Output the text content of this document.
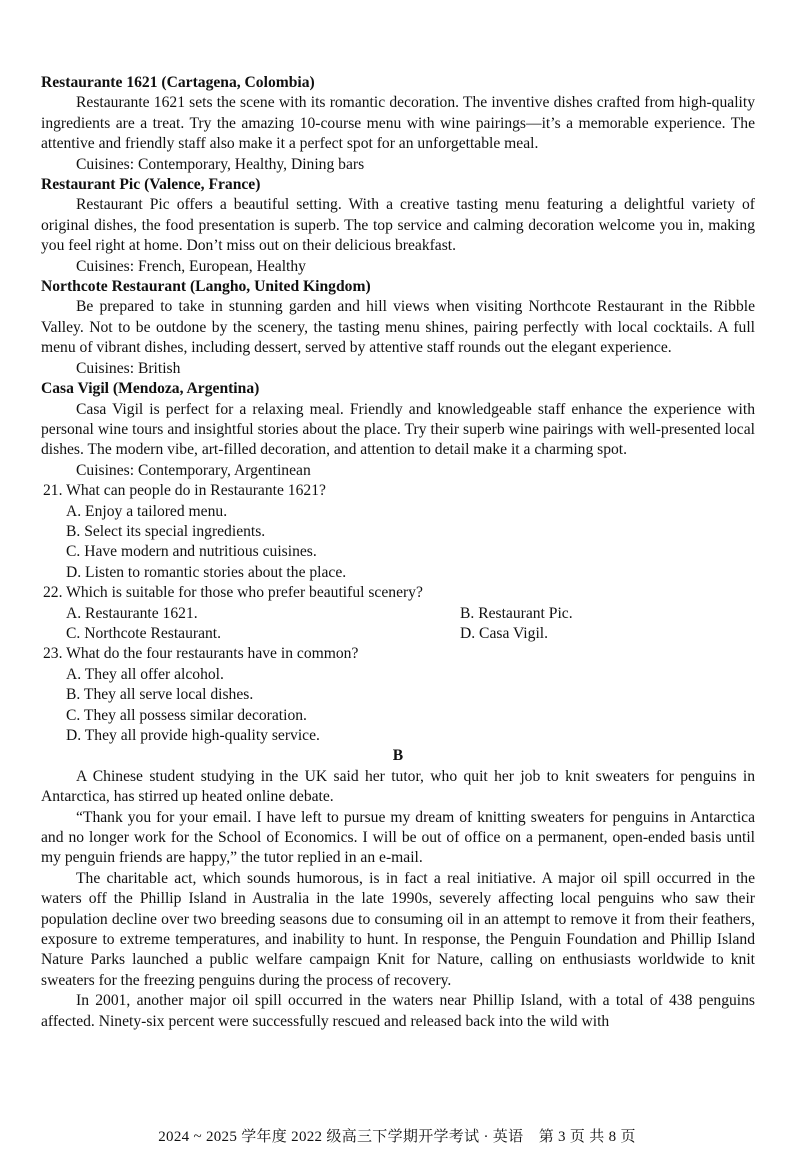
Restaurante 1621 (Cartagena, Colombia)
Restaurante 1621 sets the scene with its romantic decoration. The inventive dishes crafted from high-quality ingredients are a treat. Try the amazing 10-course menu with wine pairings—it’s a memorable experience. The attentive and friendly staff also make it a perfect spot for an unforgettable meal.
Cuisines: Contemporary, Healthy, Dining bars
Restaurant Pic (Valence, France)
Restaurant Pic offers a beautiful setting. With a creative tasting menu featuring a delightful variety of original dishes, the food presentation is superb. The top service and calming decoration welcome you in, making you feel right at home. Don’t miss out on their delicious breakfast.
Cuisines: French, European, Healthy
Northcote Restaurant (Langho, United Kingdom)
Be prepared to take in stunning garden and hill views when visiting Northcote Restaurant in the Ribble Valley. Not to be outdone by the scenery, the tasting menu shines, pairing perfectly with local cocktails. A full menu of vibrant dishes, including dessert, served by attentive staff rounds out the elegant experience.
Cuisines: British
Casa Vigil (Mendoza, Argentina)
Casa Vigil is perfect for a relaxing meal. Friendly and knowledgeable staff enhance the experience with personal wine tours and insightful stories about the place. Try their superb wine pairings with well-presented local dishes. The modern vibe, art-filled decoration, and attention to detail make it a charming spot.
Cuisines: Contemporary, Argentinean
21. What can people do in Restaurante 1621?
A. Enjoy a tailored menu.
B. Select its special ingredients.
C. Have modern and nutritious cuisines.
D. Listen to romantic stories about the place.
22. Which is suitable for those who prefer beautiful scenery?
A. Restaurante 1621.	B. Restaurant Pic.
C. Northcote Restaurant.	D. Casa Vigil.
23. What do the four restaurants have in common?
A. They all offer alcohol.
B. They all serve local dishes.
C. They all possess similar decoration.
D. They all provide high-quality service.
B
A Chinese student studying in the UK said her tutor, who quit her job to knit sweaters for penguins in Antarctica, has stirred up heated online debate.
“Thank you for your email. I have left to pursue my dream of knitting sweaters for penguins in Antarctica and no longer work for the School of Economics. I will be out of office on a permanent, open-ended basis until my penguin friends are happy,” the tutor replied in an e-mail.
The charitable act, which sounds humorous, is in fact a real initiative. A major oil spill occurred in the waters off the Phillip Island in Australia in the late 1990s, severely affecting local penguins who saw their population decline over two breeding seasons due to consuming oil in an attempt to remove it from their feathers, exposure to extreme temperatures, and inability to hunt. In response, the Penguin Foundation and Phillip Island Nature Parks launched a public welfare campaign Knit for Nature, calling on enthusiasts worldwide to knit sweaters for the freezing penguins during the process of recovery.
In 2001, another major oil spill occurred in the waters near Phillip Island, with a total of 438 penguins affected. Ninety-six percent were successfully rescued and released back into the wild with
2024 ~ 2025 学年度 2022 级高三下学期开学考试 · 英语　第 3 页 共 8 页
